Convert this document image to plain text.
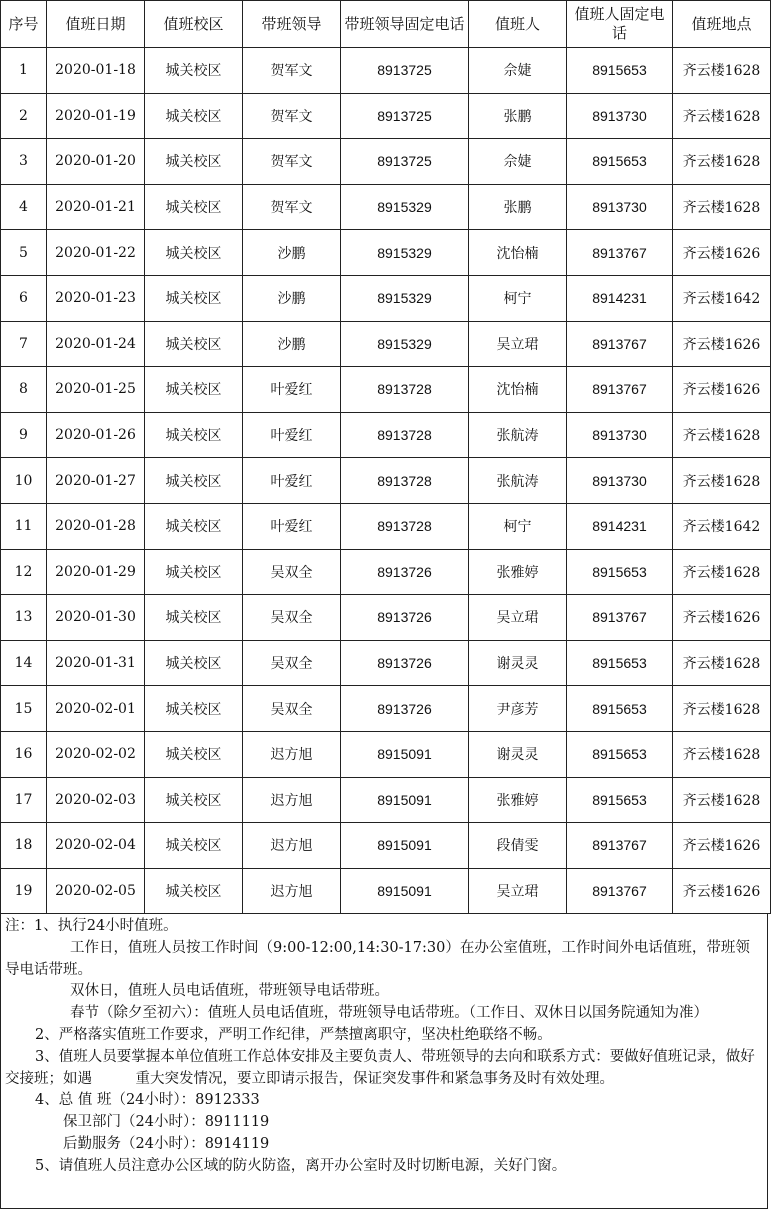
序号	值班日期	值班校区	带班领导	带班领导固定电话	值班人	值班人固定电话	值班地点
1	2020-01-18	城关校区	贺军文	8913725	佘婕	8915653	齐云楼1628
2	2020-01-19	城关校区	贺军文	8913725	张鹏	8913730	齐云楼1628
3	2020-01-20	城关校区	贺军文	8913725	佘婕	8915653	齐云楼1628
4	2020-01-21	城关校区	贺军文	8915329	张鹏	8913730	齐云楼1628
5	2020-01-22	城关校区	沙鹏	8915329	沈怡楠	8913767	齐云楼1626
6	2020-01-23	城关校区	沙鹏	8915329	柯宁	8914231	齐云楼1642
7	2020-01-24	城关校区	沙鹏	8915329	吴立珺	8913767	齐云楼1626
8	2020-01-25	城关校区	叶爱红	8913728	沈怡楠	8913767	齐云楼1626
9	2020-01-26	城关校区	叶爱红	8913728	张航涛	8913730	齐云楼1628
10	2020-01-27	城关校区	叶爱红	8913728	张航涛	8913730	齐云楼1628
11	2020-01-28	城关校区	叶爱红	8913728	柯宁	8914231	齐云楼1642
12	2020-01-29	城关校区	吴双全	8913726	张雅婷	8915653	齐云楼1628
13	2020-01-30	城关校区	吴双全	8913726	吴立珺	8913767	齐云楼1626
14	2020-01-31	城关校区	吴双全	8913726	谢灵灵	8915653	齐云楼1628
15	2020-02-01	城关校区	吴双全	8913726	尹彦芳	8915653	齐云楼1628
16	2020-02-02	城关校区	迟方旭	8915091	谢灵灵	8915653	齐云楼1628
17	2020-02-03	城关校区	迟方旭	8915091	张雅婷	8915653	齐云楼1628
18	2020-02-04	城关校区	迟方旭	8915091	段倩雯	8913767	齐云楼1626
19	2020-02-05	城关校区	迟方旭	8915091	吴立珺	8913767	齐云楼1626

注：1、执行24小时值班。

工作日，值班人员按工作时间（9:00-12:00,14:30-17:30）在办公室值班，工作时间外电话值班，带班领导电话带班。

双休日，值班人员电话值班，带班领导电话带班。

春节（除夕至初六）：值班人员电话值班，带班领导电话带班。（工作日、双休日以国务院通知为准）

2、严格落实值班工作要求，严明工作纪律，严禁擅离职守，坚决杜绝联络不畅。

3、值班人员要掌握本单位值班工作总体安排及主要负责人、带班领导的去向和联系方式：要做好值班记录，做好交接班；如遇　　　重大突发情况，要立即请示报告，保证突发事件和紧急事务及时有效处理。

4、总 值 班（24小时）：8912333

保卫部门（24小时）：8911119

后勤服务（24小时）：8914119

5、请值班人员注意办公区域的防火防盗，离开办公室时及时切断电源，关好门窗。
